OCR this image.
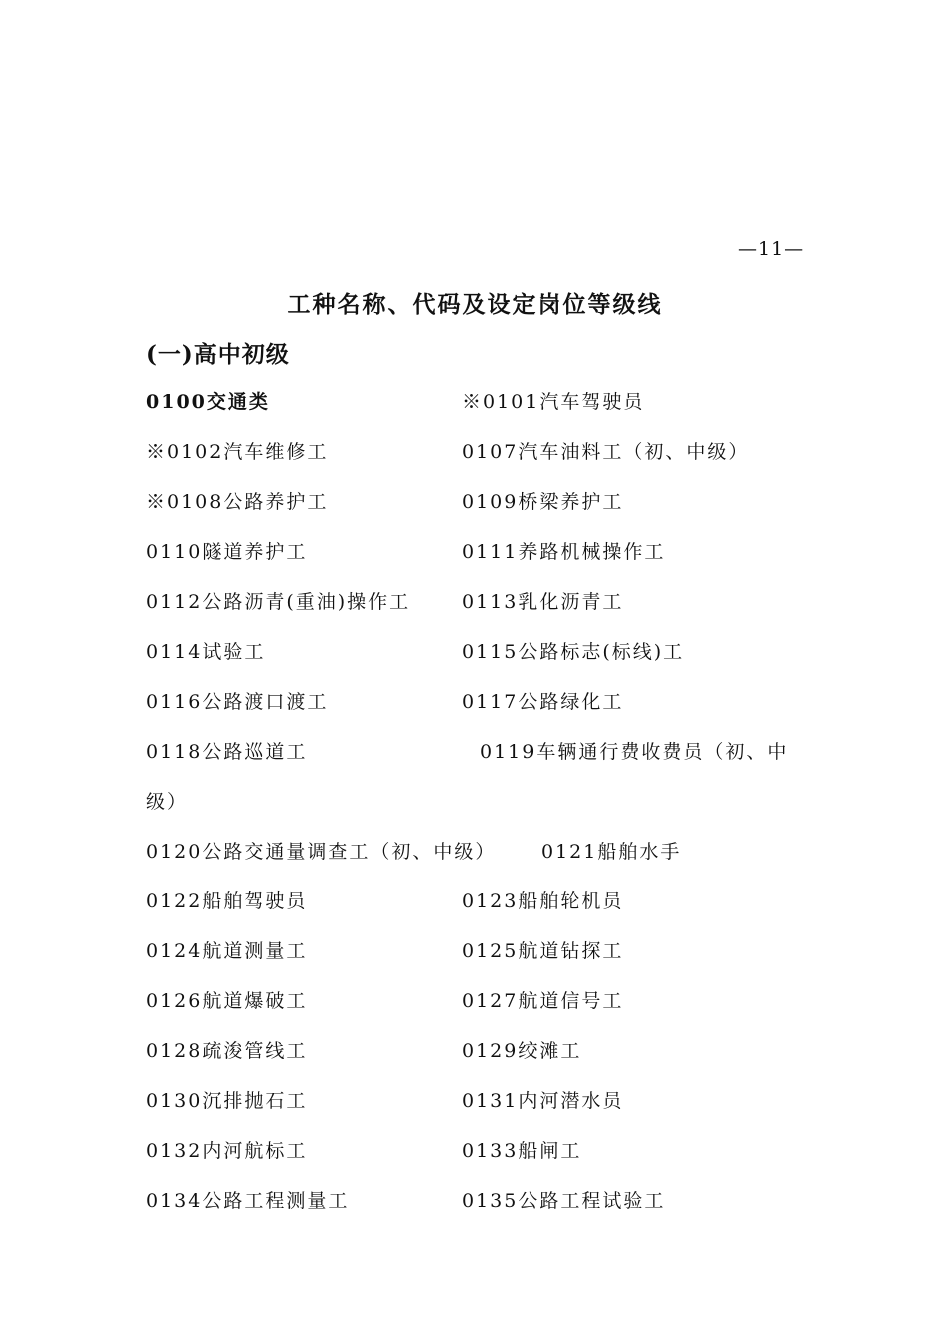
—11—
工种名称、代码及设定岗位等级线
(一)高中初级
0100交通类	※0101汽车驾驶员
※0102汽车维修工	0107汽车油料工（初、中级）
※0108公路养护工	0109桥梁养护工
0110隧道养护工	0111养路机械操作工
0112公路沥青(重油)操作工	0113乳化沥青工
0114试验工	0115公路标志(标线)工
0116公路渡口渡工	0117公路绿化工
0118公路巡道工	0119车辆通行费收费员（初、中
级）
0120公路交通量调查工（初、中级） 0121船舶水手
0122船舶驾驶员	0123船舶轮机员
0124航道测量工	0125航道钻探工
0126航道爆破工	0127航道信号工
0128疏浚管线工	0129绞滩工
0130沉排抛石工	0131内河潜水员
0132内河航标工	0133船闸工
0134公路工程测量工	0135公路工程试验工
